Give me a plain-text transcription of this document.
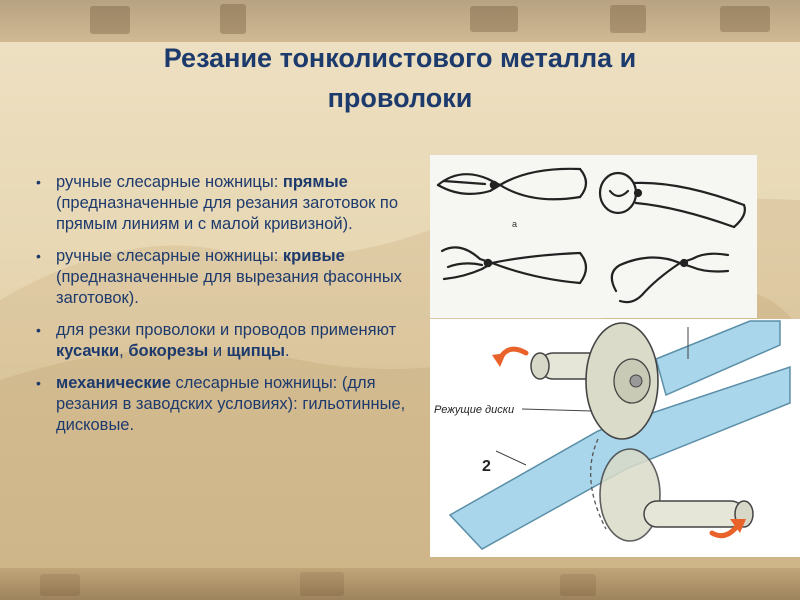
Резание тонколистового металла и
проволоки
• ручные слесарные ножницы: прямые (предназначенные для резания заготовок по прямым линиям и с малой кривизной).
• ручные слесарные ножницы: кривые (предназначенные для вырезания фасонных заготовок).
• для резки проволоки и проводов применяют кусачки, бокорезы и щипцы.
• механические слесарные ножницы: (для резания в заводских условиях): гильотинные, дисковые.
а
Режущие диски
2
